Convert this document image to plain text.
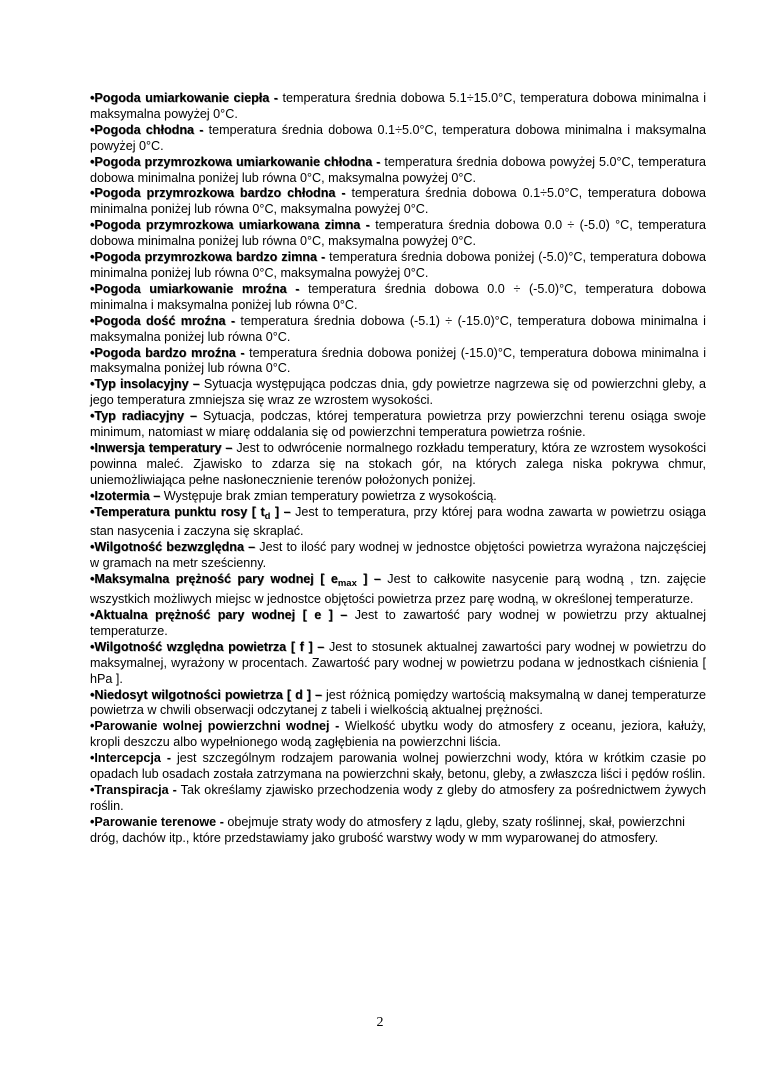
•Pogoda umiarkowanie ciepła - temperatura średnia dobowa 5.1÷15.0°C, temperatura dobowa minimalna i maksymalna powyżej 0°C.

•Pogoda chłodna - temperatura średnia dobowa 0.1÷5.0°C, temperatura dobowa minimalna i maksymalna powyżej 0°C.

•Pogoda przymrozkowa umiarkowanie chłodna - temperatura średnia dobowa powyżej 5.0°C, temperatura dobowa minimalna poniżej lub równa 0°C, maksymalna powyżej 0°C.

•Pogoda przymrozkowa bardzo chłodna - temperatura średnia dobowa 0.1÷5.0°C, temperatura dobowa minimalna poniżej lub równa 0°C, maksymalna powyżej 0°C.

•Pogoda przymrozkowa umiarkowana zimna - temperatura średnia dobowa 0.0 ÷ (-5.0) °C, temperatura dobowa minimalna poniżej lub równa 0°C, maksymalna powyżej 0°C.

•Pogoda przymrozkowa bardzo zimna - temperatura średnia dobowa poniżej (-5.0)°C, temperatura dobowa minimalna poniżej lub równa 0°C, maksymalna powyżej 0°C.

•Pogoda umiarkowanie mroźna - temperatura średnia dobowa 0.0 ÷ (-5.0)°C, temperatura dobowa minimalna i maksymalna poniżej lub równa 0°C.

•Pogoda dość mroźna - temperatura średnia dobowa (-5.1) ÷ (-15.0)°C, temperatura dobowa minimalna i maksymalna poniżej lub równa 0°C.

•Pogoda bardzo mroźna - temperatura średnia dobowa poniżej (-15.0)°C, temperatura dobowa minimalna i maksymalna poniżej lub równa 0°C.

•Typ insolacyjny – Sytuacja występująca podczas dnia, gdy powietrze nagrzewa się od powierzchni gleby, a jego temperatura zmniejsza się wraz ze wzrostem wysokości.

•Typ radiacyjny – Sytuacja, podczas, której temperatura powietrza przy powierzchni terenu osiąga swoje minimum, natomiast w miarę oddalania się od powierzchni temperatura powietrza rośnie.

•Inwersja temperatury – Jest to odwrócenie normalnego rozkładu temperatury, która ze wzrostem wysokości powinna maleć. Zjawisko to zdarza się na stokach gór, na których zalega niska pokrywa chmur, uniemożliwiająca pełne nasłonecznienie terenów położonych poniżej.

•Izotermia – Występuje brak zmian temperatury powietrza z wysokością.

•Temperatura punktu rosy [ $t_d$ ] – Jest to temperatura, przy której para wodna zawarta w powietrzu osiąga stan nasycenia i zaczyna się skraplać.

•Wilgotność bezwzględna – Jest to ilość pary wodnej w jednostce objętości powietrza wyrażona najczęściej w gramach na metr sześcienny.

•Maksymalna prężność pary wodnej [ $e_{max}$ ] – Jest to całkowite nasycenie parą wodną , tzn. zajęcie wszystkich możliwych miejsc w jednostce objętości powietrza przez parę wodną, w określonej temperaturze.

•Aktualna prężność pary wodnej [ e ] – Jest to zawartość pary wodnej w powietrzu przy aktualnej temperaturze.

•Wilgotność względna powietrza [ f ] – Jest to stosunek aktualnej zawartości pary wodnej w powietrzu do maksymalnej, wyrażony w procentach. Zawartość pary wodnej w powietrzu podana w jednostkach ciśnienia [ hPa ].

•Niedosyt wilgotności powietrza [ d ] – jest różnicą pomiędzy wartością maksymalną w danej temperaturze powietrza w chwili obserwacji odczytanej z tabeli i wielkością aktualnej prężności.

•Parowanie wolnej powierzchni wodnej - Wielkość ubytku wody do atmosfery z oceanu, jeziora, kałuży, kropli deszczu albo wypełnionego wodą zagłębienia na powierzchni liścia.

•Intercepcja - jest szczególnym rodzajem parowania wolnej powierzchni wody, która w krótkim czasie po opadach lub osadach została zatrzymana na powierzchni skały, betonu, gleby, a zwłaszcza liści i pędów roślin.

•Transpiracja - Tak określamy zjawisko przechodzenia wody z gleby do atmosfery za pośrednictwem żywych roślin.

•Parowanie terenowe - obejmuje straty wody do atmosfery z lądu, gleby, szaty roślinnej, skał, powierzchni dróg, dachów itp., które przedstawiamy jako grubość warstwy wody w mm wyparowanej do atmosfery.

2
